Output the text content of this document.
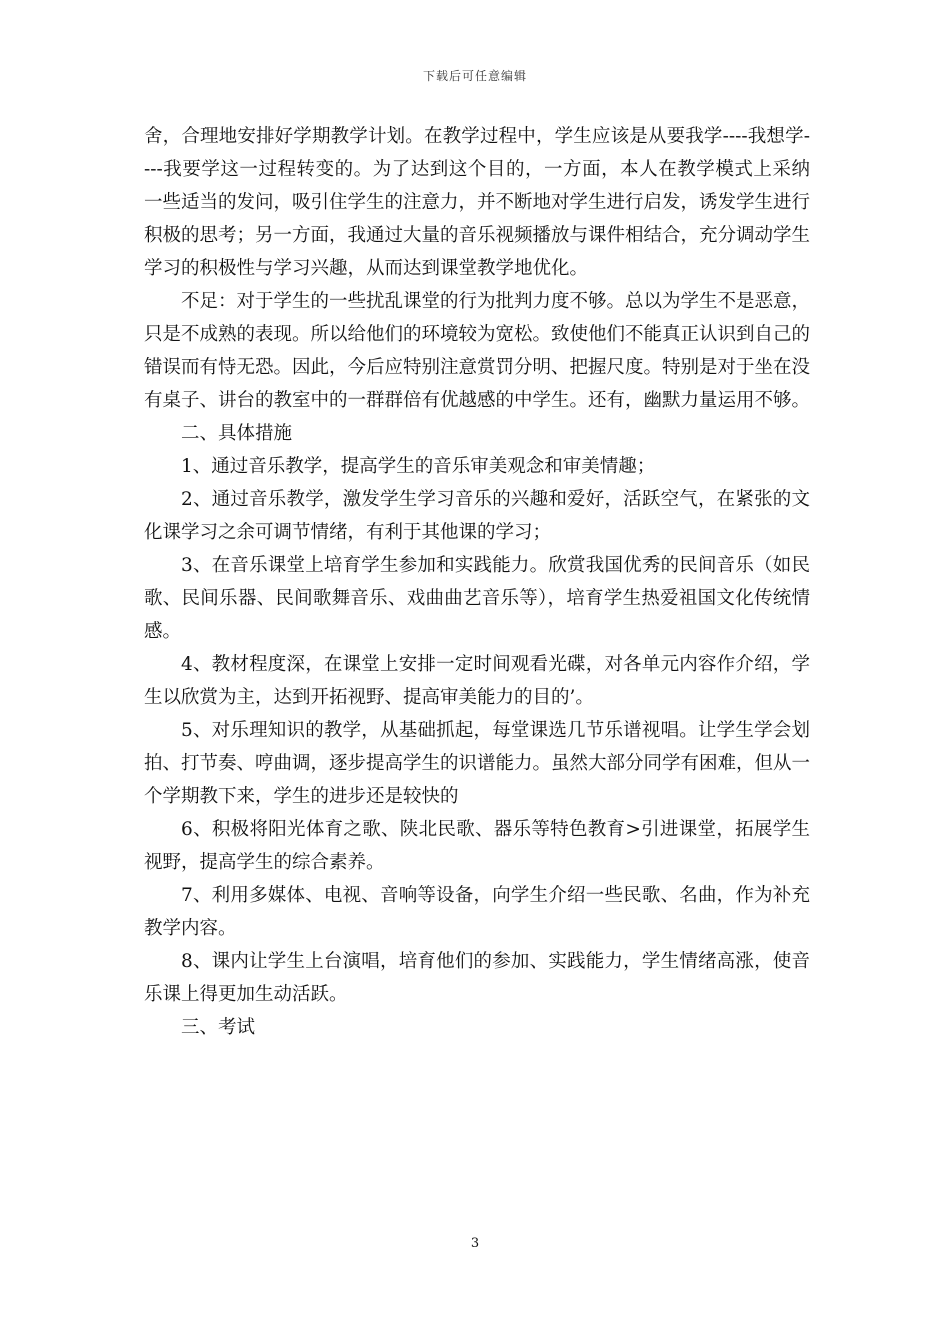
下载后可任意编辑

舍，合理地安排好学期教学计划。在教学过程中，学生应该是从要我学----我想学----我要学这一过程转变的。为了达到这个目的，一方面，本人在教学模式上采纳一些适当的发问，吸引住学生的注意力，并不断地对学生进行启发，诱发学生进行积极的思考；另一方面，我通过大量的音乐视频播放与课件相结合，充分调动学生学习的积极性与学习兴趣，从而达到课堂教学地优化。

不足：对于学生的一些扰乱课堂的行为批判力度不够。总以为学生不是恶意，只是不成熟的表现。所以给他们的环境较为宽松。致使他们不能真正认识到自己的错误而有恃无恐。因此，今后应特别注意赏罚分明、把握尺度。特别是对于坐在没有桌子、讲台的教室中的一群群倍有优越感的中学生。还有，幽默力量运用不够。

二、具体措施

1、通过音乐教学，提高学生的音乐审美观念和审美情趣；

2、通过音乐教学，激发学生学习音乐的兴趣和爱好，活跃空气，在紧张的文化课学习之余可调节情绪，有利于其他课的学习；

3、在音乐课堂上培育学生参加和实践能力。欣赏我国优秀的民间音乐（如民歌、民间乐器、民间歌舞音乐、戏曲曲艺音乐等），培育学生热爱祖国文化传统情感。

4、教材程度深，在课堂上安排一定时间观看光碟，对各单元内容作介绍，学生以欣赏为主，达到开拓视野、提高审美能力的目的’。

5、对乐理知识的教学，从基础抓起，每堂课选几节乐谱视唱。让学生学会划拍、打节奏、哼曲调，逐步提高学生的识谱能力。虽然大部分同学有困难，但从一个学期教下来，学生的进步还是较快的

6、积极将阳光体育之歌、陕北民歌、器乐等特色教育>引进课堂，拓展学生视野，提高学生的综合素养。

7、利用多媒体、电视、音响等设备，向学生介绍一些民歌、名曲，作为补充教学内容。

8、课内让学生上台演唱，培育他们的参加、实践能力，学生情绪高涨，使音乐课上得更加生动活跃。

三、考试

3
